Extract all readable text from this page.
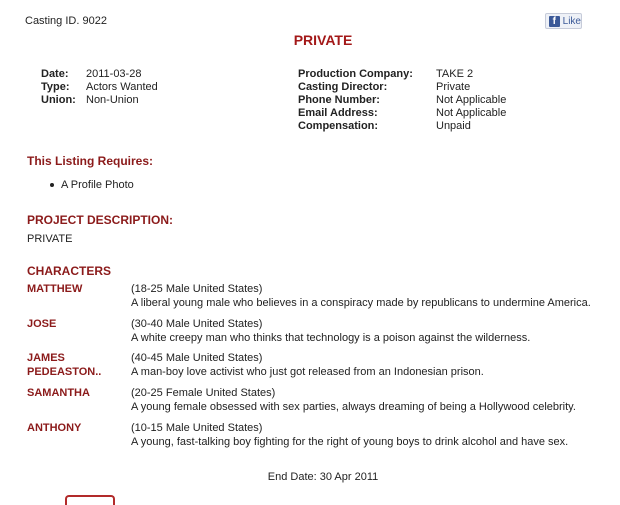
Casting ID. 9022	f Like
PRIVATE
Date: 2011-03-28
Type: Actors Wanted
Union: Non-Union
Production Company: TAKE 2
Casting Director:	Private
Phone Number:	Not Applicable
Email Address:	Not Applicable
Compensation:	Unpaid
This Listing Requires:
A Profile Photo
PROJECT DESCRIPTION:
PRIVATE
CHARACTERS
MATTHEW	(18-25 Male United States)
A liberal young male who believes in a conspiracy made by republicans to undermine America.
JOSE	(30-40 Male United States)
A white creepy man who thinks that technology is a poison against the wilderness.
JAMES PEDEASTON..
(40-45 Male United States)
A man-boy love activist who just got released from an Indonesian prison.
SAMANTHA	(20-25 Female United States)
A young female obsessed with sex parties, always dreaming of being a Hollywood celebrity.
ANTHONY	(10-15 Male United States)
A young, fast-talking boy fighting for the right of young boys to drink alcohol and have sex.
End Date: 30 Apr 2011
